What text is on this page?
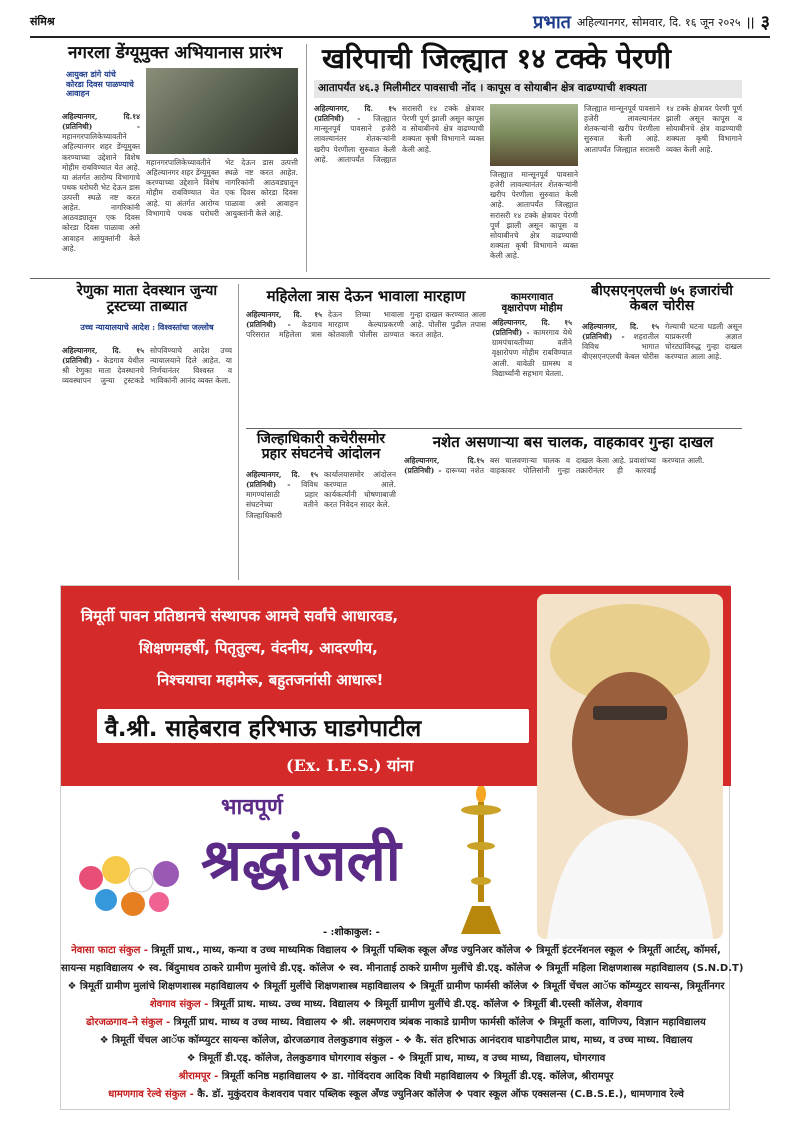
संमिश्र	प्रभात अहिल्यानगर, सोमवार, दि. १६ जून २०२५ || ३
नगरला डेंग्यूमुक्त अभियानास प्रारंभ
आयुक्त डांगे यांचे कोरडा दिवस पाळण्याचे आवाहन
अहिल्यानगर, दि.१४ (प्रतिनिधी) - महानगरपालिकेच्यावतीने अहिल्यानगर शहर डेंग्यूमुक्त करण्याच्या उद्देशाने विशेष मोहीम राबविण्यात येत आहे. या अंतर्गत आरोग्य विभागाचे पथक घरोघरी भेट देऊन डास उत्पत्ती स्थळे नष्ट करत आहेत. नागरिकांनी आठवड्यातून एक दिवस कोरडा दिवस पाळावा असे आवाहन आयुक्तांनी केले आहे.
महानगरपालिकेच्यावतीने अहिल्यानगर शहर डेंग्यूमुक्त करण्याच्या उद्देशाने विशेष मोहीम राबविण्यात येत आहे. या अंतर्गत आरोग्य विभागाचे पथक घरोघरी भेट देऊन डास उत्पत्ती स्थळे नष्ट करत आहेत. नागरिकांनी आठवड्यातून एक दिवस कोरडा दिवस पाळावा असे आवाहन आयुक्तांनी केले आहे.
खरिपाची जिल्ह्यात १४ टक्के पेरणी
आतापर्यंत ४६.३ मिलीमीटर पावसाची नोंद । कापूस व सोयाबीन क्षेत्र वाढण्याची शक्यता
अहिल्यानगर, दि. १५ (प्रतिनिधी) - जिल्ह्यात मान्सूनपूर्व पावसाने हजेरी लावल्यानंतर शेतकऱ्यांनी खरीप पेरणीला सुरुवात केली आहे. आतापर्यंत जिल्ह्यात सरासरी १४ टक्के क्षेत्रावर पेरणी पूर्ण झाली असून कापूस व सोयाबीनचे क्षेत्र वाढण्याची शक्यता कृषी विभागाने व्यक्त केली आहे.
जिल्ह्यात मान्सूनपूर्व पावसाने हजेरी लावल्यानंतर शेतकऱ्यांनी खरीप पेरणीला सुरुवात केली आहे. आतापर्यंत जिल्ह्यात सरासरी १४ टक्के क्षेत्रावर पेरणी पूर्ण झाली असून कापूस व सोयाबीनचे क्षेत्र वाढण्याची शक्यता कृषी विभागाने व्यक्त केली आहे.
जिल्ह्यात मान्सूनपूर्व पावसाने हजेरी लावल्यानंतर शेतकऱ्यांनी खरीप पेरणीला सुरुवात केली आहे. आतापर्यंत जिल्ह्यात सरासरी १४ टक्के क्षेत्रावर पेरणी पूर्ण झाली असून कापूस व सोयाबीनचे क्षेत्र वाढण्याची शक्यता कृषी विभागाने व्यक्त केली आहे.
रेणुका माता देवस्थान जुन्या ट्रस्टच्या ताब्यात
उच्च न्यायालयाचे आदेश : विश्वस्तांचा जल्लोष
अहिल्यानगर, दि. १५ (प्रतिनिधी) - केडगाव येथील श्री रेणुका माता देवस्थानचे व्यवस्थापन जुन्या ट्रस्टकडे सोपविण्याचे आदेश उच्च न्यायालयाने दिले आहेत. या निर्णयानंतर विश्वस्त व भाविकांनी आनंद व्यक्त केला.
महिलेला त्रास देऊन भावाला मारहाण
अहिल्यानगर, दि. १५ (प्रतिनिधी) - केडगाव परिसरात महिलेला त्रास देऊन तिच्या भावाला मारहाण केल्याप्रकरणी कोतवाली पोलीस ठाण्यात गुन्हा दाखल करण्यात आला आहे. पोलीस पुढील तपास करत आहेत.
कामरगावात वृक्षारोपण मोहीम
अहिल्यानगर, दि. १५ (प्रतिनिधी) - कामरगाव येथे ग्रामपंचायतीच्या वतीने वृक्षारोपण मोहीम राबविण्यात आली. यावेळी ग्रामस्थ व विद्यार्थ्यांनी सहभाग घेतला.
बीएसएनएलची ७५ हजारांची केबल चोरीस
अहिल्यानगर, दि. १५ (प्रतिनिधी) - शहरातील विविध भागात बीएसएनएलची केबल चोरीस गेल्याची घटना घडली असून याप्रकरणी अज्ञात चोरट्यांविरुद्ध गुन्हा दाखल करण्यात आला आहे.
जिल्हाधिकारी कचेरीसमोर प्रहार संघटनेचे आंदोलन
अहिल्यानगर, दि. १५ (प्रतिनिधी) - विविध मागण्यांसाठी प्रहार संघटनेच्या वतीने जिल्हाधिकारी कार्यालयासमोर आंदोलन करण्यात आले. कार्यकर्त्यांनी घोषणाबाजी करत निवेदन सादर केले.
नशेत असणाऱ्या बस चालक, वाहकावर गुन्हा दाखल
अहिल्यानगर, दि.१५ (प्रतिनिधी) - दारूच्या नशेत बस चालवणाऱ्या चालक व वाहकावर पोलिसांनी गुन्हा दाखल केला आहे. प्रवाशांच्या तक्रारीनंतर ही कारवाई करण्यात आली.
त्रिमूर्ती पावन प्रतिष्ठानचे संस्थापक आमचे सर्वांचे आधारवड,
शिक्षणमहर्षी, पितृतुल्य, वंदनीय, आदरणीय,
निश्चयाचा महामेरू, बहुतजनांसी आधारू!
वै.श्री. साहेबराव हरिभाऊ घाडगेपाटील
(Ex. I.E.S.) यांना
भावपूर्ण
श्रद्धांजली
- :शोकाकुल: -
नेवासा फाटा संकुल - त्रिमूर्ती प्राथ., माध्य, कन्या व उच्च माध्यमिक विद्यालय ❖ त्रिमूर्ती पब्लिक स्कूल अँण्ड ज्युनिअर कॉलेज ❖ त्रिमूर्ती इंटरनॅशनल स्कूल ❖ त्रिमूर्ती आर्टस्, कॉमर्स,
सायन्स महाविद्यालय ❖ स्व. बिंदुमाधव ठाकरे ग्रामीण मुलांचे डी.एड्. कॉलेज ❖ स्व. मीनाताई ठाकरे ग्रामीण मुलींचे डी.एड्. कॉलेज ❖ त्रिमूर्ती महिला शिक्षणशास्त्र महाविद्यालय (S.N.D.T)
❖ त्रिमूर्ती ग्रामीण मुलांचे शिक्षणशास्त्र महाविद्यालय ❖ त्रिमूर्ती मुलींचे शिक्षणशास्त्र महाविद्यालय ❖ त्रिमूर्ती ग्रामीण फार्मसी कॉलेज ❖ त्रिमूर्ती चेंचल आॅफ कॉम्प्युटर सायन्स, त्रिमूर्तीनगर
शेवगाव संकुल - त्रिमूर्ती प्राथ. माध्य. उच्च माध्य. विद्यालय ❖ त्रिमूर्ती ग्रामीण मुलींचे डी.एड्. कॉलेज ❖ त्रिमूर्ती बी.एस्सी कॉलेज, शेवगाव
ढोरजळगाव–ने संकुल - त्रिमूर्ती प्राथ. माध्य व उच्च माध्य. विद्यालय ❖ श्री. लक्ष्मणराव त्र्यंबक नाकाडे ग्रामीण फार्मसी कॉलेज ❖ त्रिमूर्ती कला, वाणिज्य, विज्ञान महाविद्यालय
❖ त्रिमूर्ती चेंचल आॅफ कॉम्प्युटर सायन्स कॉलेज, ढोरजळगाव तेलकुडगाव संकुल - ❖ कै. संत हरिभाऊ आनंदराव घाडगेपाटील प्राथ, माध्य, व उच्च माध्य. विद्यालय
❖ त्रिमूर्ती डी.एड्. कॉलेज, तेलकुडगाव घोगरगाव संकुल - ❖ त्रिमूर्ती प्राथ, माध्य, व उच्च माध्य, विद्यालय, घोगरगाव
श्रीरामपूर - त्रिमूर्ती कनिष्ठ महाविद्यालय ❖ डा. गोविंदराव आदिक विधी महाविद्यालय ❖ त्रिमूर्ती डी.एड्. कॉलेज, श्रीरामपूर
धामणगाव रेल्वे संकुल - कै. डॉ. मुकुंदराव केशवराव पवार पब्लिक स्कूल अँण्ड ज्युनिअर कॉलेज ❖ पवार स्कूल ऑफ एक्सलन्स (C.B.S.E.), धामणगाव रेल्वे
